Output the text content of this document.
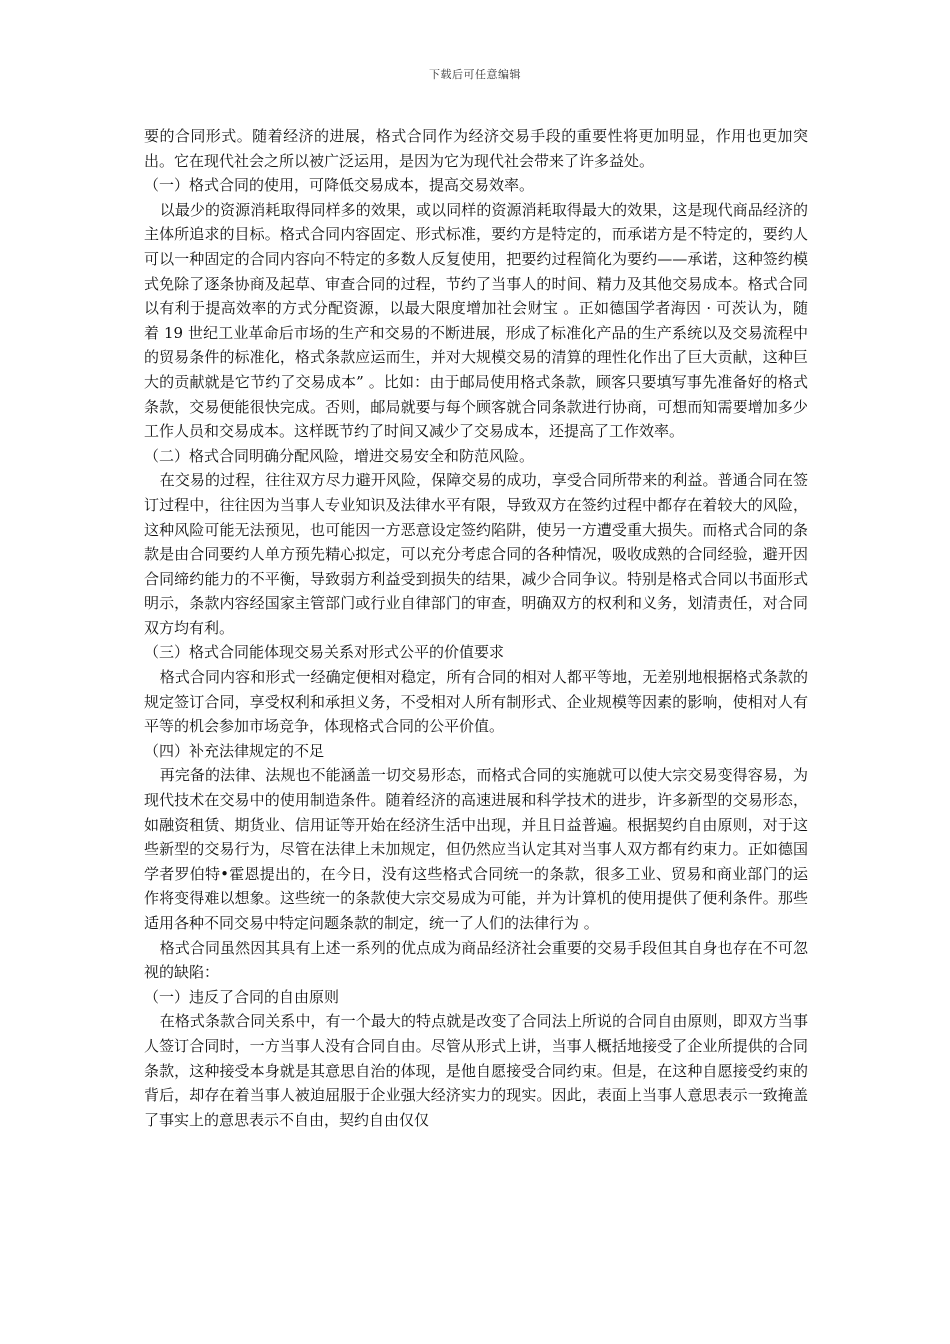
下载后可任意编辑

要的合同形式。随着经济的进展，格式合同作为经济交易手段的重要性将更加明显，作用也更加突出。它在现代社会之所以被广泛运用，是因为它为现代社会带来了许多益处。

（一）格式合同的使用，可降低交易成本，提高交易效率。

以最少的资源消耗取得同样多的效果，或以同样的资源消耗取得最大的效果，这是现代商品经济的主体所追求的目标。格式合同内容固定、形式标准，要约方是特定的，而承诺方是不特定的，要约人可以一种固定的合同内容向不特定的多数人反复使用，把要约过程简化为要约——承诺，这种签约模式免除了逐条协商及起草、审查合同的过程，节约了当事人的时间、精力及其他交易成本。格式合同以有利于提高效率的方式分配资源，以最大限度增加社会财宝 。正如德国学者海因 · 可茨认为，随着 19 世纪工业革命后市场的生产和交易的不断进展，形成了标准化产品的生产系统以及交易流程中的贸易条件的标准化，格式条款应运而生，并对大规模交易的清算的理性化作出了巨大贡献，这种巨大的贡献就是它节约了交易成本” 。比如：由于邮局使用格式条款，顾客只要填写事先准备好的格式条款，交易便能很快完成。否则，邮局就要与每个顾客就合同条款进行协商，可想而知需要增加多少工作人员和交易成本。这样既节约了时间又减少了交易成本，还提高了工作效率。

（二）格式合同明确分配风险，增进交易安全和防范风险。

在交易的过程，往往双方尽力避开风险，保障交易的成功，享受合同所带来的利益。普通合同在签订过程中，往往因为当事人专业知识及法律水平有限，导致双方在签约过程中都存在着较大的风险，这种风险可能无法预见，也可能因一方恶意设定签约陷阱，使另一方遭受重大损失。而格式合同的条款是由合同要约人单方预先精心拟定，可以充分考虑合同的各种情况，吸收成熟的合同经验，避开因合同缔约能力的不平衡，导致弱方利益受到损失的结果，减少合同争议。特别是格式合同以书面形式明示，条款内容经国家主管部门或行业自律部门的审查，明确双方的权利和义务，划清责任，对合同双方均有利。

（三）格式合同能体现交易关系对形式公平的价值要求

格式合同内容和形式一经确定便相对稳定，所有合同的相对人都平等地，无差别地根据格式条款的规定签订合同，享受权利和承担义务，不受相对人所有制形式、企业规模等因素的影响，使相对人有平等的机会参加市场竞争，体现格式合同的公平价值。

（四）补充法律规定的不足

再完备的法律、法规也不能涵盖一切交易形态，而格式合同的实施就可以使大宗交易变得容易，为现代技术在交易中的使用制造条件。随着经济的高速进展和科学技术的进步，许多新型的交易形态，如融资租赁、期货业、信用证等开始在经济生活中出现，并且日益普遍。根据契约自由原则，对于这些新型的交易行为，尽管在法律上未加规定，但仍然应当认定其对当事人双方都有约束力。正如德国学者罗伯特•霍恩提出的，在今日，没有这些格式合同统一的条款，很多工业、贸易和商业部门的运作将变得难以想象。这些统一的条款使大宗交易成为可能，并为计算机的使用提供了便利条件。那些适用各种不同交易中特定问题条款的制定，统一了人们的法律行为 。

格式合同虽然因其具有上述一系列的优点成为商品经济社会重要的交易手段但其自身也存在不可忽视的缺陷：

（一）违反了合同的自由原则

在格式条款合同关系中，有一个最大的特点就是改变了合同法上所说的合同自由原则，即双方当事人签订合同时，一方当事人没有合同自由。尽管从形式上讲，当事人概括地接受了企业所提供的合同条款，这种接受本身就是其意思自治的体现，是他自愿接受合同约束。但是，在这种自愿接受约束的背后，却存在着当事人被迫屈服于企业强大经济实力的现实。因此，表面上当事人意思表示一致掩盖了事实上的意思表示不自由，契约自由仅仅
